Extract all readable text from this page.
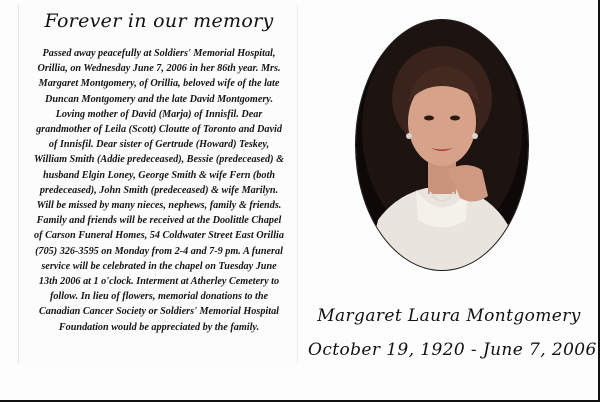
Forever in our memory
Passed away peacefully at Soldiers' Memorial Hospital,
Orillia, on Wednesday June 7, 2006 in her 86th year. Mrs.
Margaret Montgomery, of Orillia, beloved wife of the late
Duncan Montgomery and the late David Montgomery.
Loving mother of David (Marja) of Innisfil. Dear
grandmother of Leila (Scott) Cloutte of Toronto and David
of Innisfil. Dear sister of Gertrude (Howard) Teskey,
William Smith (Addie predeceased), Bessie (predeceased) &
husband Elgin Loney, George Smith & wife Fern (both
predeceased), John Smith (predeceased) & wife Marilyn.
Will be missed by many nieces, nephews, family & friends.
Family and friends will be received at the Doolittle Chapel
of Carson Funeral Homes, 54 Coldwater Street East Orillia
(705) 326-3595 on Monday from 2-4 and 7-9 pm. A funeral
service will be celebrated in the chapel on Tuesday June
13th 2006 at 1 o'clock. Interment at Atherley Cemetery to
follow. In lieu of flowers, memorial donations to the
Canadian Cancer Society or Soldiers' Memorial Hospital
Foundation would be appreciated by the family.
Margaret Laura Montgomery
October 19, 1920 - June 7, 2006
